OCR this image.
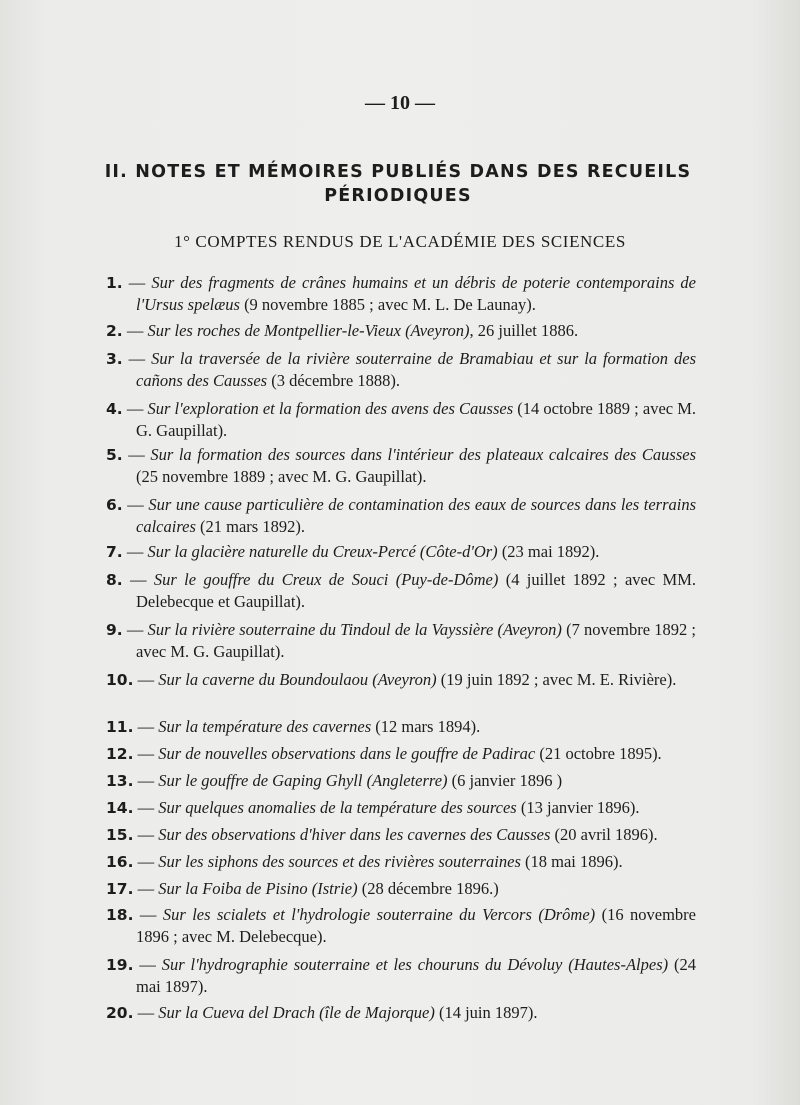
— 10 —
II. NOTES ET MÉMOIRES PUBLIÉS DANS DES RECUEILS
PÉRIODIQUES
1° COMPTES RENDUS DE L'ACADÉMIE DES SCIENCES
1. — Sur des fragments de crânes humains et un débris de poterie contemporains de l'Ursus spelæus (9 novembre 1885 ; avec M. L. De Launay).
2. — Sur les roches de Montpellier-le-Vieux (Aveyron), 26 juillet 1886.
3. — Sur la traversée de la rivière souterraine de Bramabiau et sur la formation des cañons des Causses (3 décembre 1888).
4. — Sur l'exploration et la formation des avens des Causses (14 octobre 1889 ; avec M. G. Gaupillat).
5. — Sur la formation des sources dans l'intérieur des plateaux calcaires des Causses (25 novembre 1889 ; avec M. G. Gaupillat).
6. — Sur une cause particulière de contamination des eaux de sources dans les terrains calcaires (21 mars 1892).
7. — Sur la glacière naturelle du Creux-Percé (Côte-d'Or) (23 mai 1892).
8. — Sur le gouffre du Creux de Souci (Puy-de-Dôme) (4 juillet 1892 ; avec MM. Delebecque et Gaupillat).
9. — Sur la rivière souterraine du Tindoul de la Vayssière (Aveyron) (7 novembre 1892 ; avec M. G. Gaupillat).
10. — Sur la caverne du Boundoulaou (Aveyron) (19 juin 1892 ; avec M. E. Rivière).
11. — Sur la température des cavernes (12 mars 1894).
12. — Sur de nouvelles observations dans le gouffre de Padirac (21 octobre 1895).
13. — Sur le gouffre de Gaping Ghyll (Angleterre) (6 janvier 1896 )
14. — Sur quelques anomalies de la température des sources (13 janvier 1896).
15. — Sur des observations d'hiver dans les cavernes des Causses (20 avril 1896).
16. — Sur les siphons des sources et des rivières souterraines (18 mai 1896).
17. — Sur la Foiba de Pisino (Istrie) (28 décembre 1896.)
18. — Sur les scialets et l'hydrologie souterraine du Vercors (Drôme) (16 novembre 1896 ; avec M. Delebecque).
19. — Sur l'hydrographie souterraine et les chouruns du Dévoluy (Hautes-Alpes) (24 mai 1897).
20. — Sur la Cueva del Drach (île de Majorque) (14 juin 1897).
